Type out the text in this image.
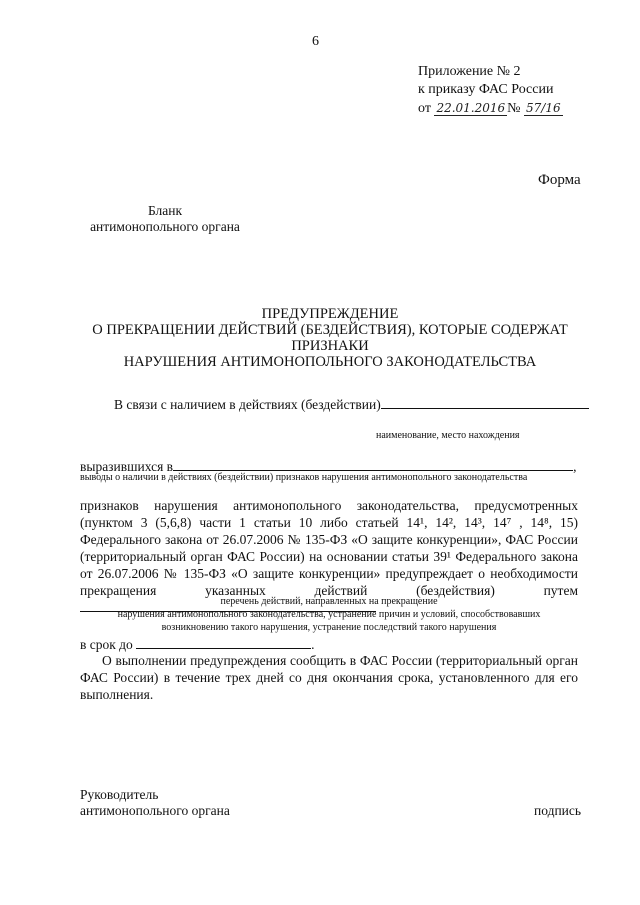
6
Приложение № 2
к приказу ФАС России
от 22.01.2016 № 57/16
Форма
Бланк
антимонопольного органа
ПРЕДУПРЕЖДЕНИЕ
О ПРЕКРАЩЕНИИ ДЕЙСТВИЙ (БЕЗДЕЙСТВИЯ), КОТОРЫЕ СОДЕРЖАТ ПРИЗНАКИ
НАРУШЕНИЯ АНТИМОНОПОЛЬНОГО ЗАКОНОДАТЕЛЬСТВА
В связи с наличием в действиях (бездействии)
наименование, место нахождения
выразившихся в	,
выводы о наличии в действиях (бездействии) признаков нарушения антимонопольного законодательства
признаков нарушения антимонопольного законодательства, предусмотренных (пунктом 3 (5,6,8) части 1 статьи 10 либо статьей 14¹, 14², 14³, 14⁷ , 14⁸, 15) Федерального закона от 26.07.2006 № 135-ФЗ «О защите конкуренции», ФАС России (территориальный орган ФАС России) на основании статьи 39¹ Федерального закона от 26.07.2006 № 135-ФЗ «О защите конкуренции» предупреждает о необходимости прекращения указанных действий (бездействия) путем
перечень действий, направленных на прекращение
нарушения антимонопольного законодательства, устранение причин и условий, способствовавших
возникновению такого нарушения, устранение последствий такого нарушения
в срок до	.
О выполнении предупреждения сообщить в ФАС России (территориальный орган ФАС России) в течение трех дней со дня окончания срока, установленного для его выполнения.
Руководитель
антимонопольного органа	подпись
